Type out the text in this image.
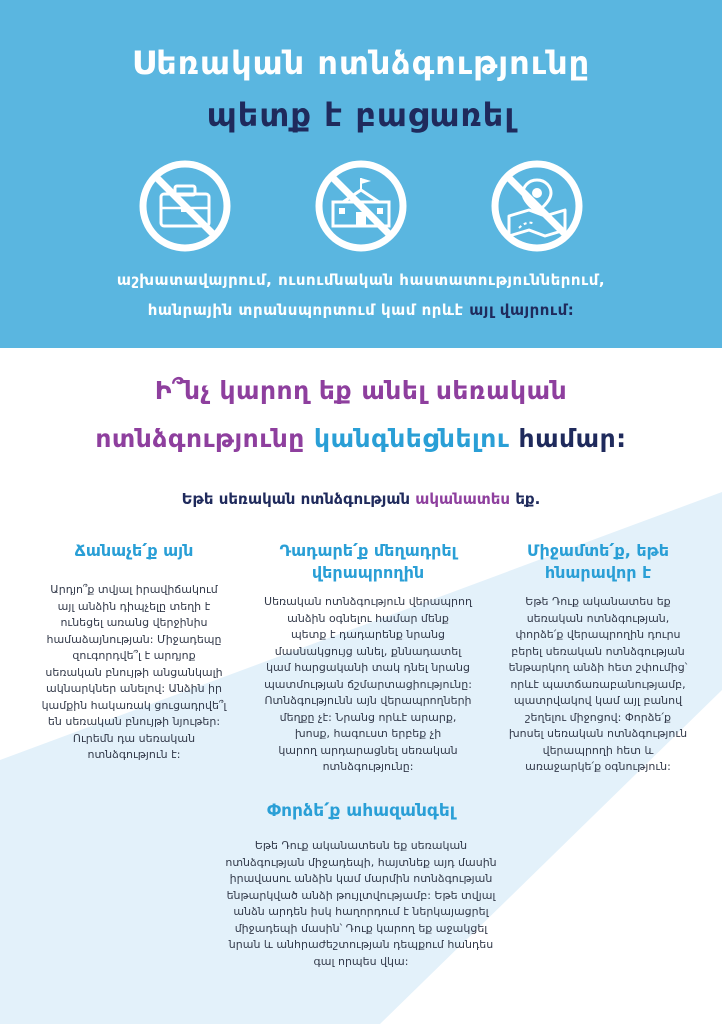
Սեռական ոտնձգությունը
պետք է բացառել
աշխատավայրում, ուսումնական հաստատություններում,
հանրային տրանսպորտում կամ որևէ այլ վայրում:
Ի՞նչ կարող եք անել սեռական
ոտնձգությունը կանգնեցնելու համար:
Եթե սեռական ոտնձգության ականատես եք.
Ճանաչե՛ք այն
Արդյո՞ք տվյալ իրավիճակում
այլ անձին դիպչելը տեղի է
ունեցել առանց վերջինիս
համաձայնության: Միջադեպը
զուգորդվե՞լ է արդյոք
սեռական բնույթի անցանկալի
ակնարկներ անելով: Անձին իր
կամքին հակառակ ցուցադրվե՞լ
են սեռական բնույթի նյութեր:
Ուրեմն դա սեռական
ոտնձգություն է:
Դադարե՛ք մեղադրել
վերապրողին
Սեռական ոտնձգություն վերապրող
անձին օգնելու համար մենք
պետք է դադարենք նրանց
մասնակցույց անել, քննադատել
կամ հարցականի տակ դնել նրանց
պատմության ճշմարտացիությունը:
Ոտնձգությունն այն վերապրողների
մեղքը չէ: Նրանց որևէ արարք,
խոսք, հագուստ երբեք չի
կարող արդարացնել սեռական
ոտնձգությունը:
Միջամտե՛ք, եթե
հնարավոր է
Եթե Դուք ականատես եք
սեռական ոտնձգության,
փորձե՛ք վերապրողին դուրս
բերել սեռական ոտնձգության
ենթարկող անձի հետ շփումից՝
որևէ պատճառաբանությամբ,
պատրվակով կամ այլ բանով
շեղելու միջոցով: Փորձե՛ք
խոսել սեռական ոտնձգություն
վերապրողի հետ և
առաջարկե՛ք օգնություն:
Փորձե՛ք ահազանգել
Եթե Դուք ականատեսն եք սեռական
ոտնձգության միջադեպի, հայտնեք այդ մասին
իրավասու անձին կամ մարմին ոտնձգության
ենթարկված անձի թույլտվությամբ: Եթե տվյալ
անձն արդեն իսկ հաղորդում է ներկայացրել
միջադեպի մասին՝ Դուք կարող եք աջակցել
նրան և անհրաժեշտության դեպքում հանդես
գալ որպես վկա:
